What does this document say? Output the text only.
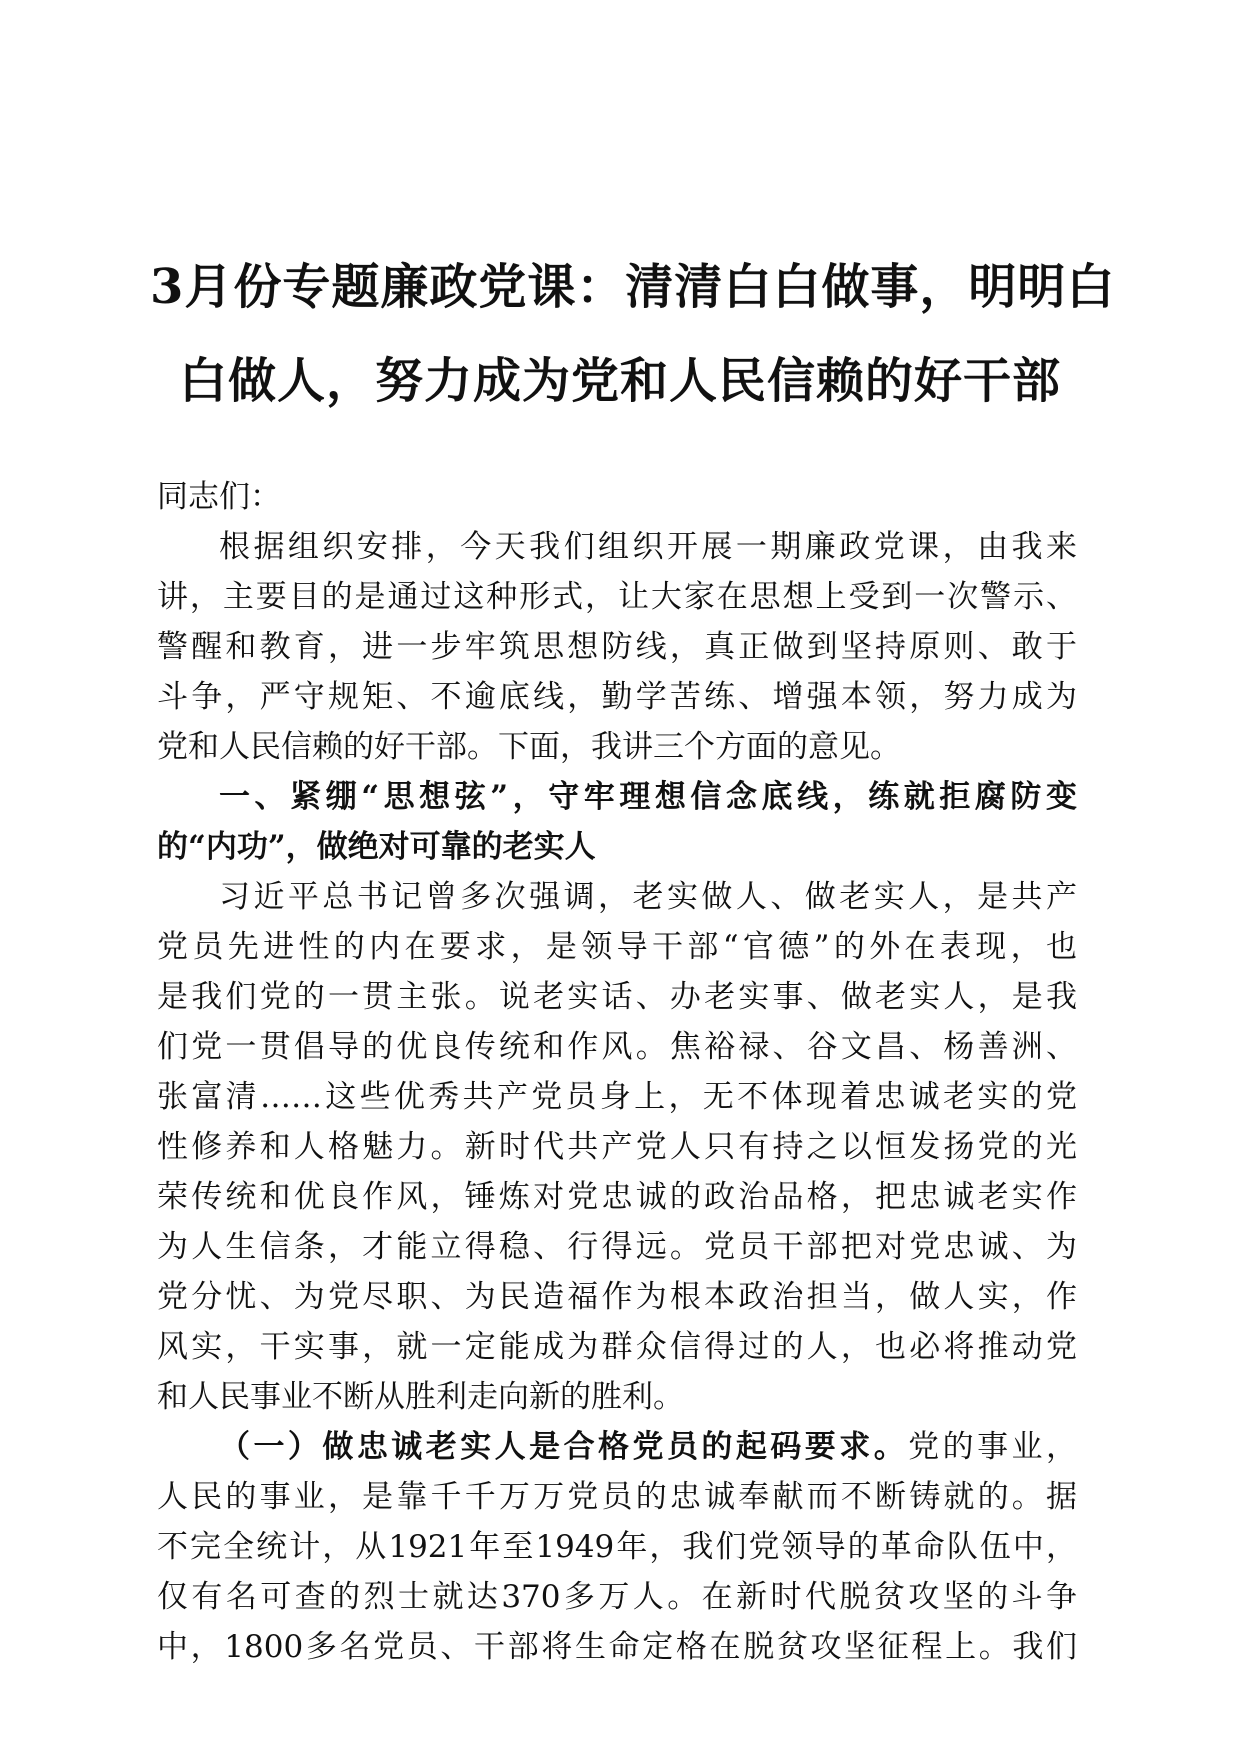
3月份专题廉政党课：清清白白做事，明明白
白做人，努力成为党和人民信赖的好干部
同志们：
根据组织安排，今天我们组织开展一期廉政党课，由我来
讲，主要目的是通过这种形式，让大家在思想上受到一次警示、
警醒和教育，进一步牢筑思想防线，真正做到坚持原则、敢于
斗争，严守规矩、不逾底线，勤学苦练、增强本领，努力成为
党和人民信赖的好干部。下面，我讲三个方面的意见。
一、紧绷“思想弦”，守牢理想信念底线，练就拒腐防变
的“内功”，做绝对可靠的老实人
习近平总书记曾多次强调，老实做人、做老实人，是共产
党员先进性的内在要求，是领导干部“官德”的外在表现，也
是我们党的一贯主张。说老实话、办老实事、做老实人，是我
们党一贯倡导的优良传统和作风。焦裕禄、谷文昌、杨善洲、
张富清……这些优秀共产党员身上，无不体现着忠诚老实的党
性修养和人格魅力。新时代共产党人只有持之以恒发扬党的光
荣传统和优良作风，锤炼对党忠诚的政治品格，把忠诚老实作
为人生信条，才能立得稳、行得远。党员干部把对党忠诚、为
党分忧、为党尽职、为民造福作为根本政治担当，做人实，作
风实，干实事，就一定能成为群众信得过的人，也必将推动党
和人民事业不断从胜利走向新的胜利。
（一）做忠诚老实人是合格党员的起码要求。党的事业，
人民的事业，是靠千千万万党员的忠诚奉献而不断铸就的。据
不完全统计，从1921年至1949年，我们党领导的革命队伍中，
仅有名可查的烈士就达370多万人。在新时代脱贫攻坚的斗争
中，1800多名党员、干部将生命定格在脱贫攻坚征程上。我们
